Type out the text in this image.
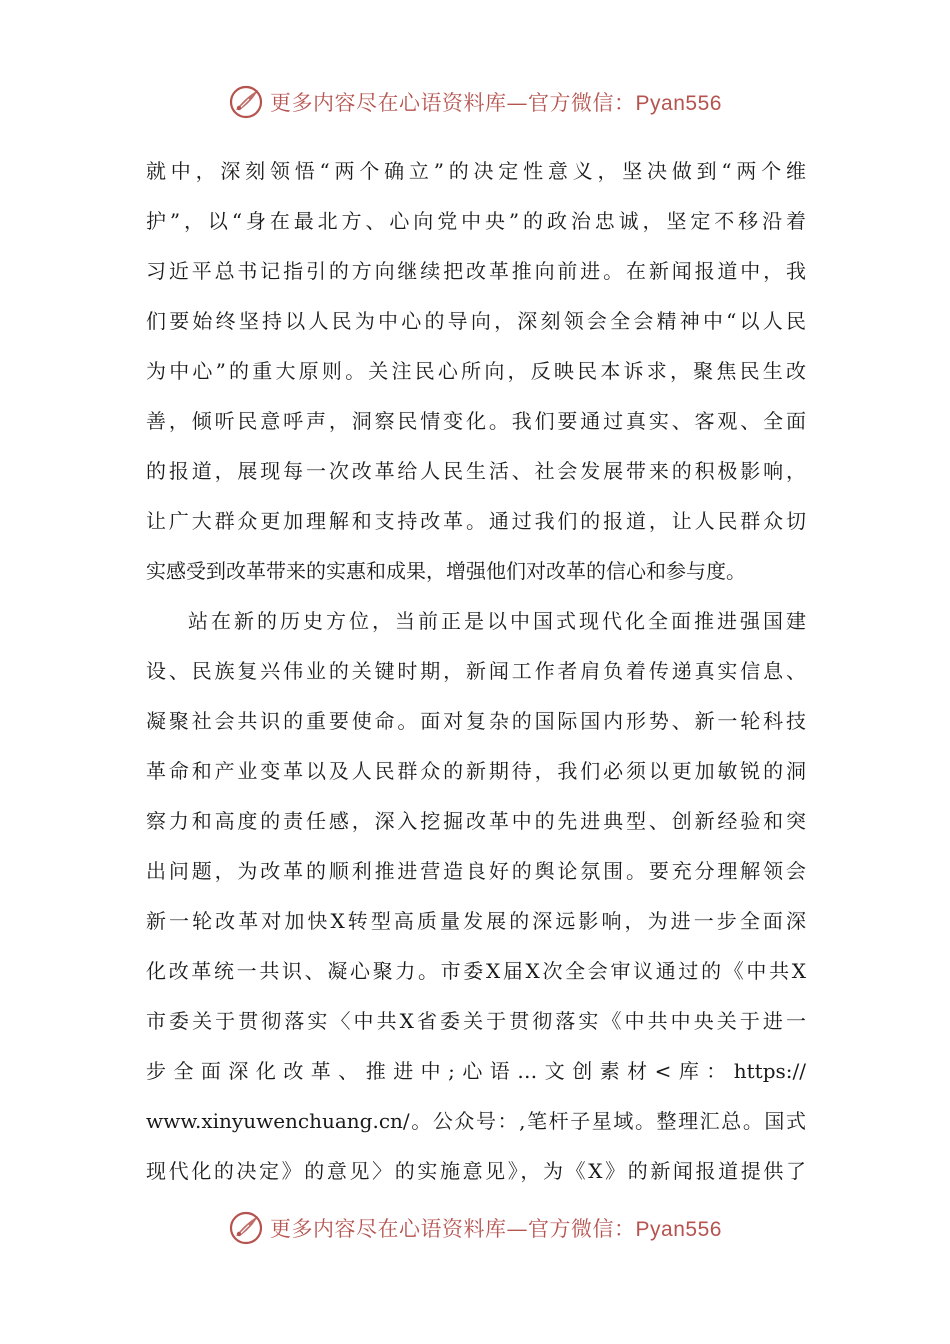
更多内容尽在心语资料库—官方微信：Pyan556
就中，深刻领悟“两个确立”的决定性意义，坚决做到“两个维
护”，以“身在最北方、心向党中央”的政治忠诚，坚定不移沿着
习近平总书记指引的方向继续把改革推向前进。在新闻报道中，我
们要始终坚持以人民为中心的导向，深刻领会全会精神中“以人民
为中心”的重大原则。关注民心所向，反映民本诉求，聚焦民生改
善，倾听民意呼声，洞察民情变化。我们要通过真实、客观、全面
的报道，展现每一次改革给人民生活、社会发展带来的积极影响，
让广大群众更加理解和支持改革。通过我们的报道，让人民群众切
实感受到改革带来的实惠和成果，增强他们对改革的信心和参与度。
站在新的历史方位，当前正是以中国式现代化全面推进强国建
设、民族复兴伟业的关键时期，新闻工作者肩负着传递真实信息、
凝聚社会共识的重要使命。面对复杂的国际国内形势、新一轮科技
革命和产业变革以及人民群众的新期待，我们必须以更加敏锐的洞
察力和高度的责任感，深入挖掘改革中的先进典型、创新经验和突
出问题，为改革的顺利推进营造良好的舆论氛围。要充分理解领会
新一轮改革对加快X转型高质量发展的深远影响，为进一步全面深
化改革统一共识、凝心聚力。市委X届X次全会审议通过的《中共X
市委关于贯彻落实〈中共X省委关于贯彻落实《中共中央关于进一
步全面深化改革、推进中;心语…文创素材<库：https://
www.xinyuwenchuang.cn/。公众号：,笔杆子星域。整理汇总。国式
现代化的决定》的意见〉的实施意见》，为《X》的新闻报道提供了
更多内容尽在心语资料库—官方微信：Pyan556
